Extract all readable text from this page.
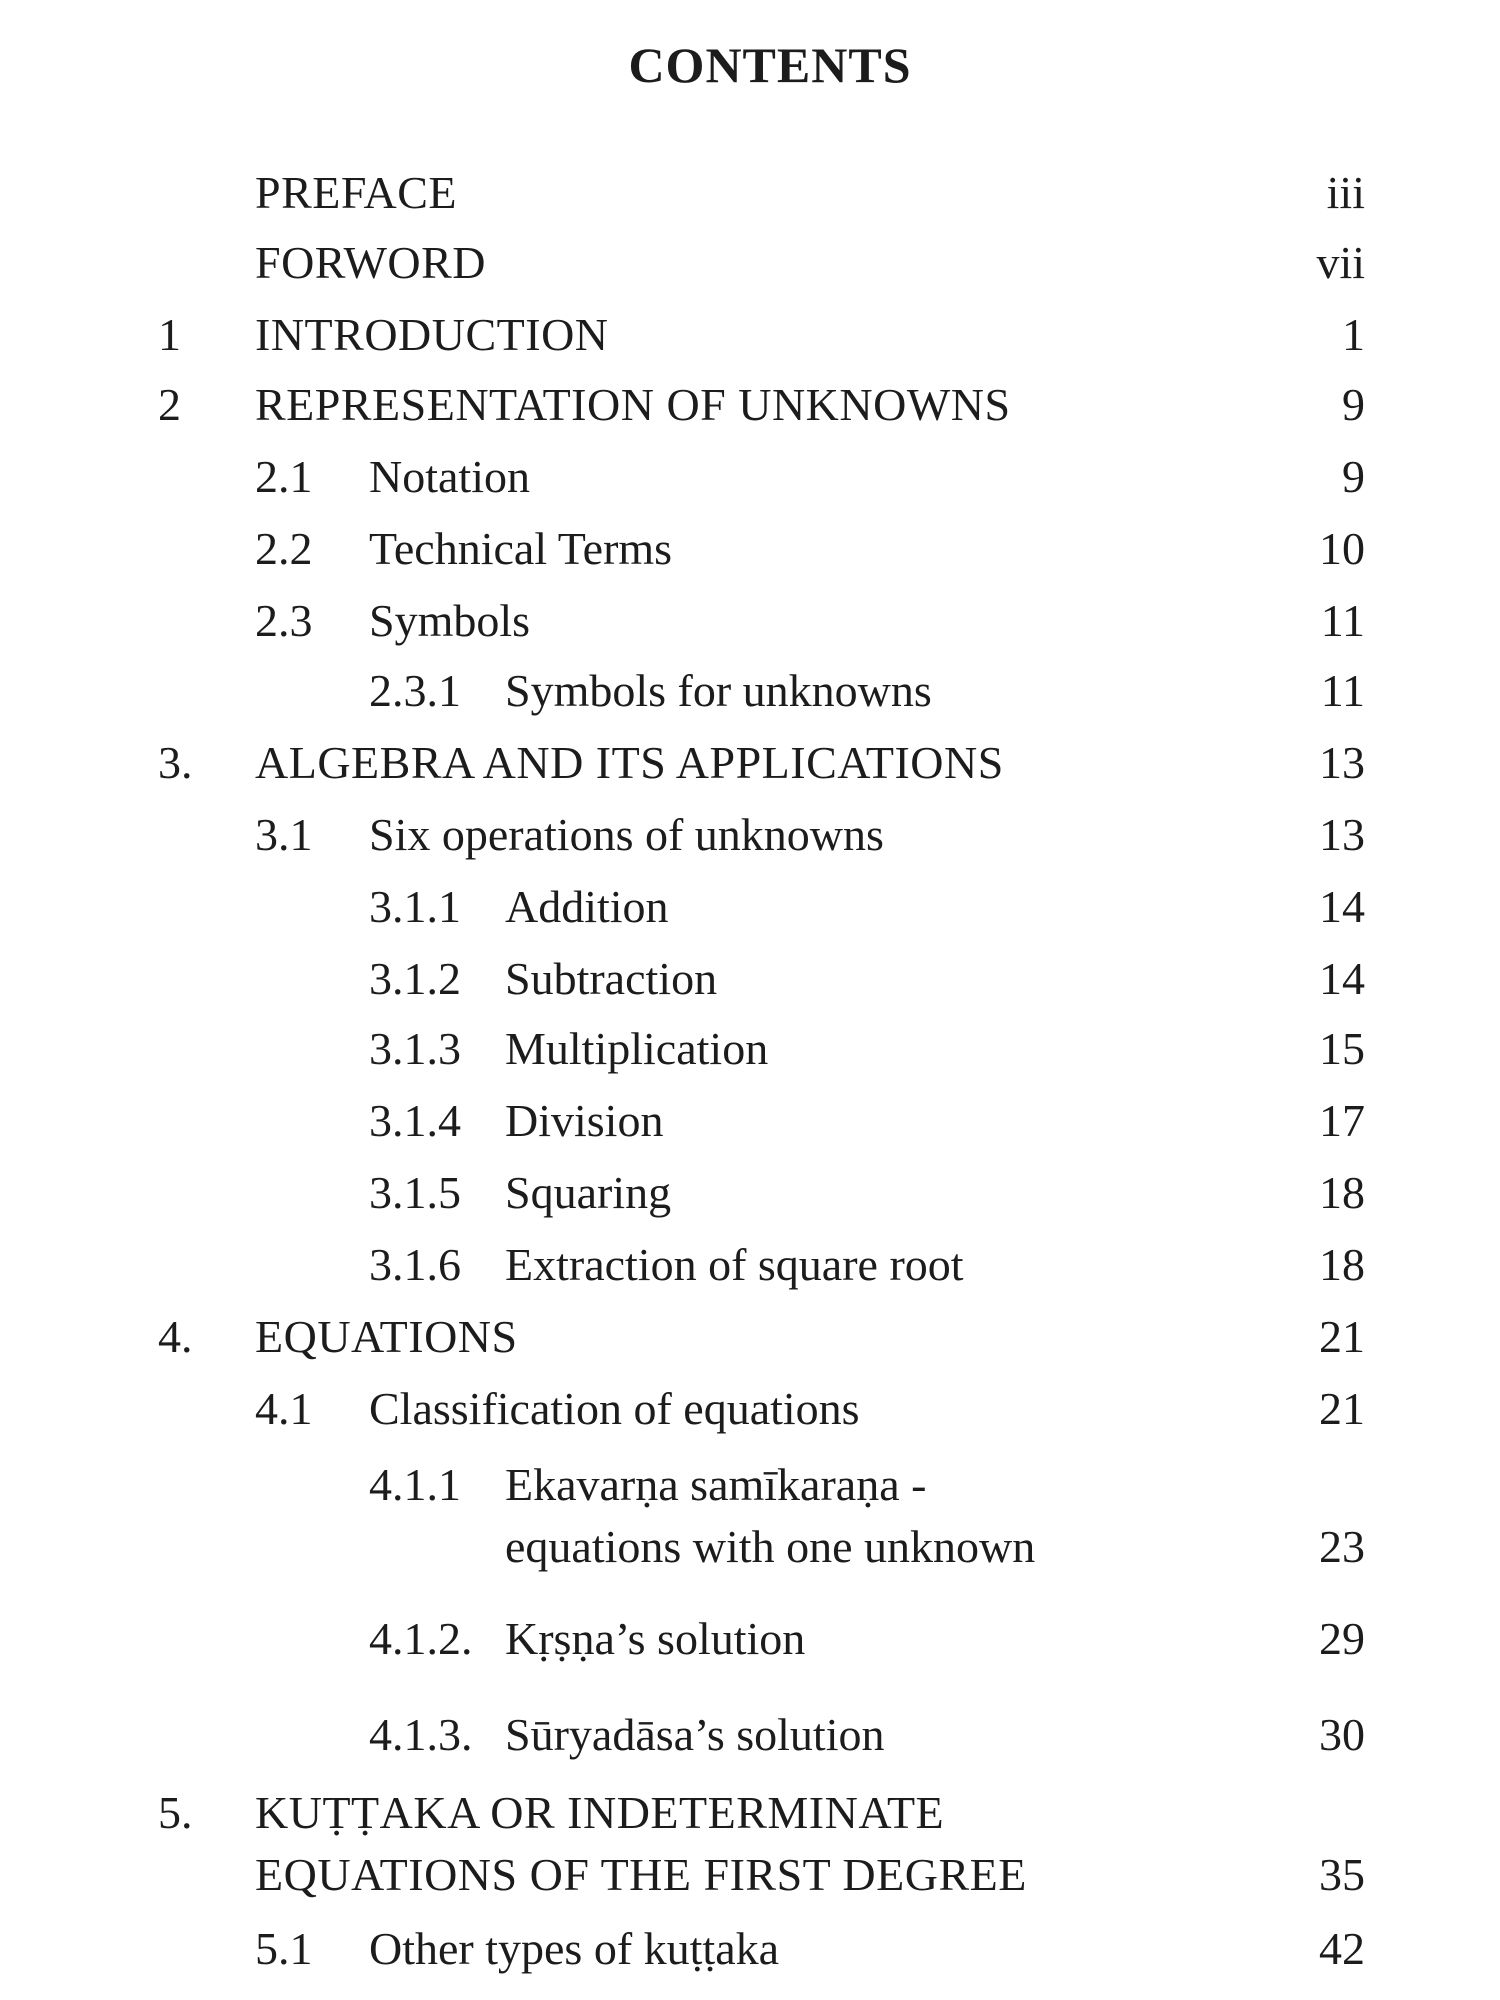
CONTENTS
PREFACE	iii
FORWORD	vii
1 INTRODUCTION	1
2 REPRESENTATION OF UNKNOWNS	9
2.1 Notation	9
2.2 Technical Terms	10
2.3 Symbols	11
2.3.1 Symbols for unknowns	11
3. ALGEBRA AND ITS APPLICATIONS	13
3.1 Six operations of unknowns	13
3.1.1 Addition	14
3.1.2 Subtraction	14
3.1.3 Multiplication	15
3.1.4 Division	17
3.1.5 Squaring	18
3.1.6 Extraction of square root	18
4. EQUATIONS	21
4.1 Classification of equations	21
4.1.1 Ekavarṇa samīkaraṇa -
equations with one unknown	23
4.1.2. Kṛṣṇa’s solution	29
4.1.3. Sūryadāsa’s solution	30
5. KUṬṬAKA OR INDETERMINATE
EQUATIONS OF THE FIRST DEGREE	35
5.1 Other types of kuṭṭaka	42
